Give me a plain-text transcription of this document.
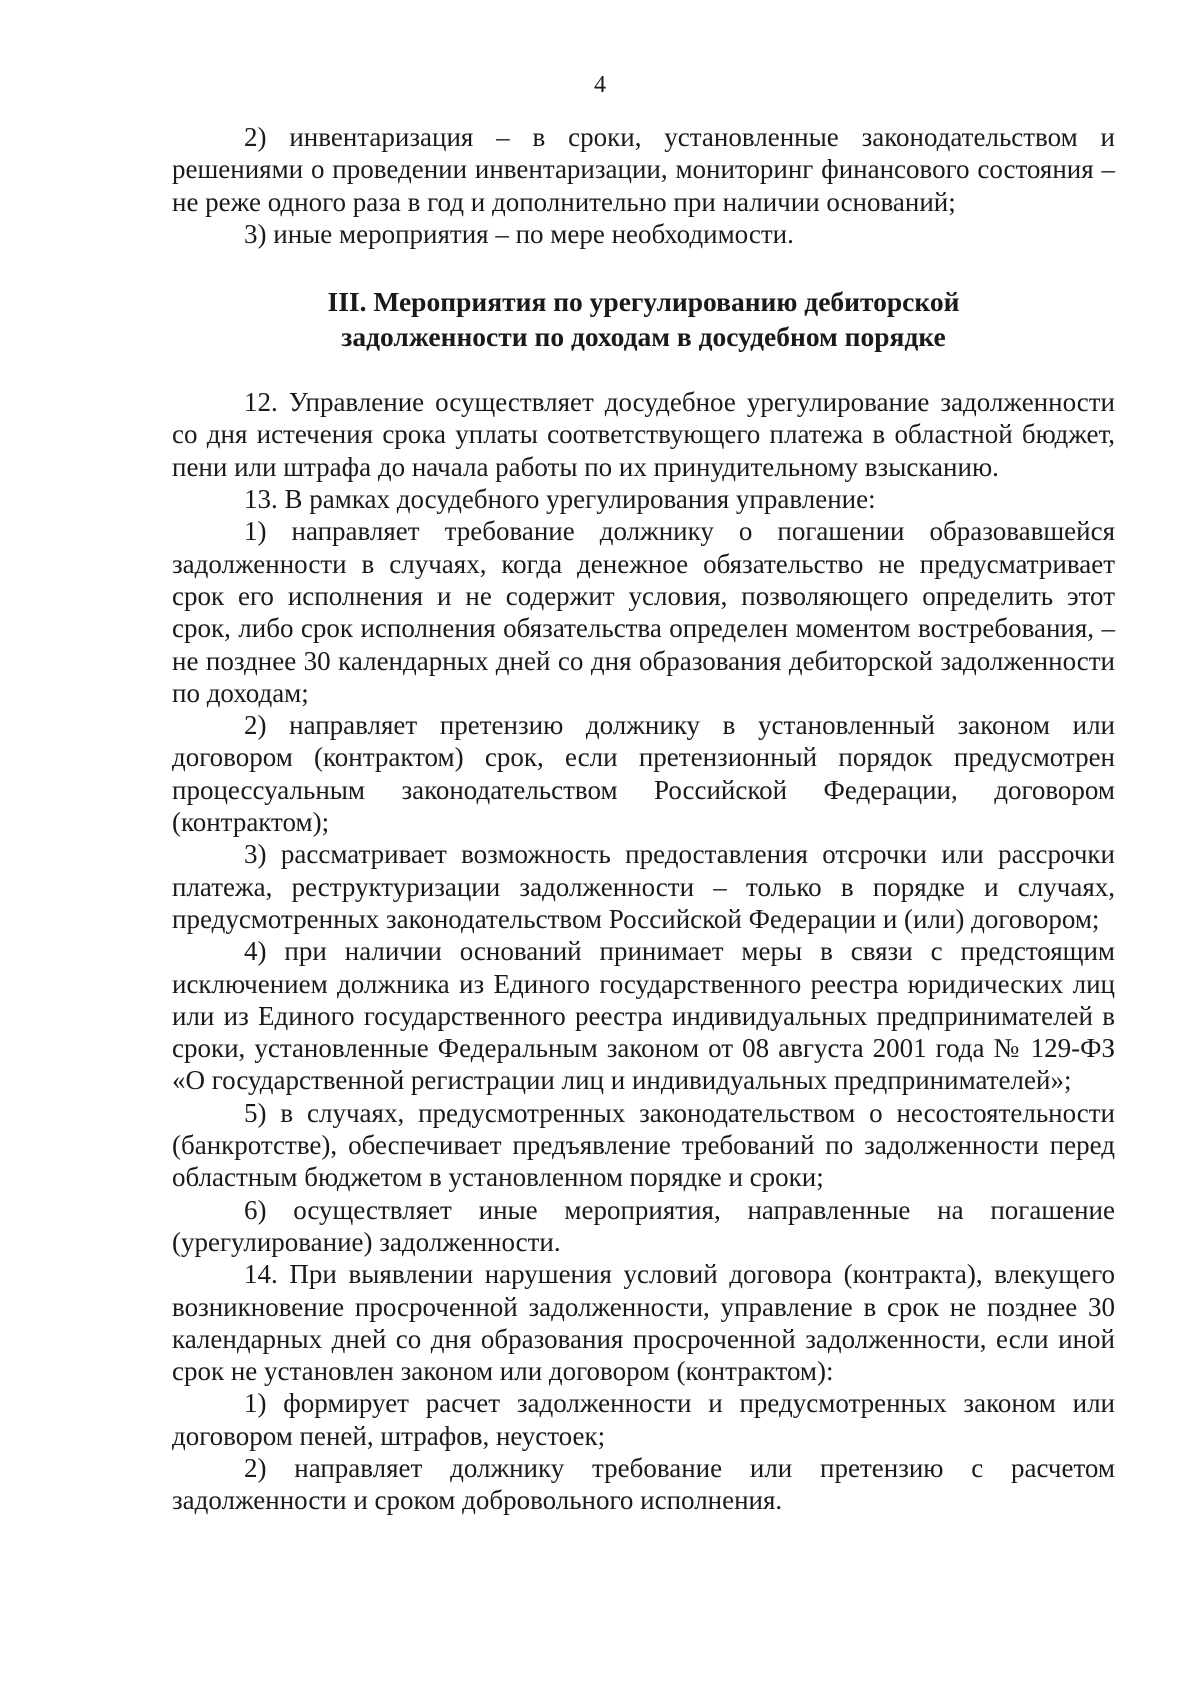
4

2) инвентаризация – в сроки, установленные законодательством и решениями о проведении инвентаризации, мониторинг финансового состояния – не реже одного раза в год и дополнительно при наличии оснований;

3) иные мероприятия – по мере необходимости.

III. Мероприятия по урегулированию дебиторской
задолженности по доходам в досудебном порядке

12. Управление осуществляет досудебное урегулирование задолженности со дня истечения срока уплаты соответствующего платежа в областной бюджет, пени или штрафа до начала работы по их принудительному взысканию.

13. В рамках досудебного урегулирования управление:

1) направляет требование должнику о погашении образовавшейся задолженности в случаях, когда денежное обязательство не предусматривает срок его исполнения и не содержит условия, позволяющего определить этот срок, либо срок исполнения обязательства определен моментом востребования, – не позднее 30 календарных дней со дня образования дебиторской задолженности по доходам;

2) направляет претензию должнику в установленный законом или договором (контрактом) срок, если претензионный порядок предусмотрен процессуальным законодательством Российской Федерации, договором (контрактом);

3) рассматривает возможность предоставления отсрочки или рассрочки платежа, реструктуризации задолженности – только в порядке и случаях, предусмотренных законодательством Российской Федерации и (или) договором;

4) при наличии оснований принимает меры в связи с предстоящим исключением должника из Единого государственного реестра юридических лиц или из Единого государственного реестра индивидуальных предпринимателей в сроки, установленные Федеральным законом от 08 августа 2001 года № 129-ФЗ «О государственной регистрации лиц и индивидуальных предпринимателей»;

5) в случаях, предусмотренных законодательством о несостоятельности (банкротстве), обеспечивает предъявление требований по задолженности перед областным бюджетом в установленном порядке и сроки;

6) осуществляет иные мероприятия, направленные на погашение (урегулирование) задолженности.

14. При выявлении нарушения условий договора (контракта), влекущего возникновение просроченной задолженности, управление в срок не позднее 30 календарных дней со дня образования просроченной задолженности, если иной срок не установлен законом или договором (контрактом):

1) формирует расчет задолженности и предусмотренных законом или договором пеней, штрафов, неустоек;

2) направляет должнику требование или претензию с расчетом задолженности и сроком добровольного исполнения.
